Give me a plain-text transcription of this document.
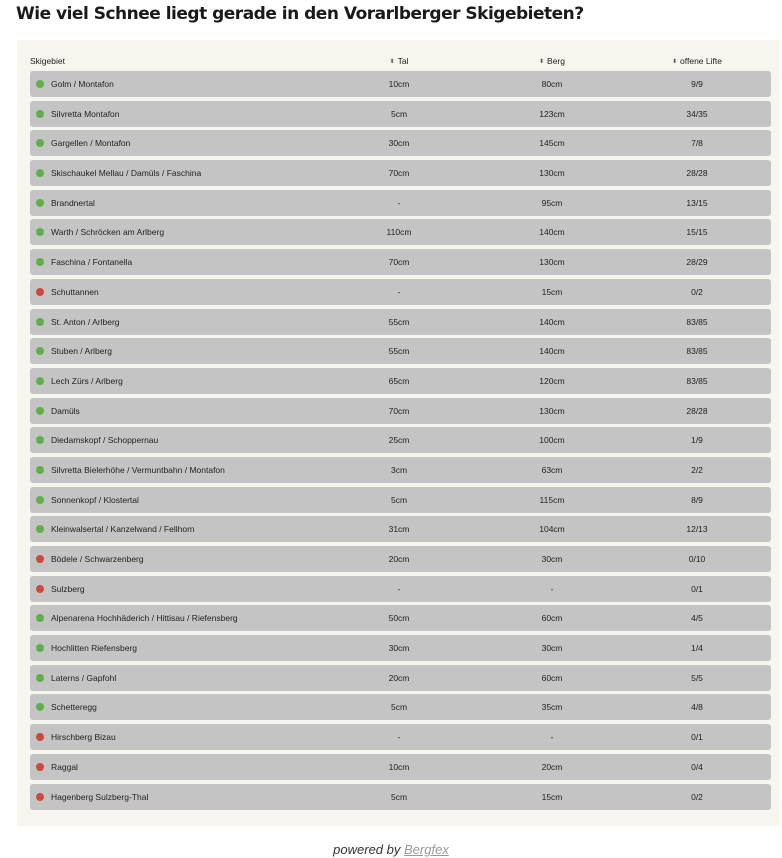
Wie viel Schnee liegt gerade in den Vorarlberger Skigebieten?
Skigebiet	⬍ Tal	⬍ Berg	⬍ offene Lifte
Golm / Montafon	10cm	80cm	9/9
Silvretta Montafon	5cm	123cm	34/35
Gargellen / Montafon	30cm	145cm	7/8
Skischaukel Mellau / Damüls / Faschina	70cm	130cm	28/28
Brandnertal	-	95cm	13/15
Warth / Schröcken am Arlberg	110cm	140cm	15/15
Faschina / Fontanella	70cm	130cm	28/29
Schuttannen	-	15cm	0/2
St. Anton / Arlberg	55cm	140cm	83/85
Stuben / Arlberg	55cm	140cm	83/85
Lech Zürs / Arlberg	65cm	120cm	83/85
Damüls	70cm	130cm	28/28
Diedamskopf / Schoppernau	25cm	100cm	1/9
Silvretta Bielerhöhe / Vermuntbahn / Montafon	3cm	63cm	2/2
Sonnenkopf / Klostertal	5cm	115cm	8/9
Kleinwalsertal / Kanzelwand / Fellhorn	31cm	104cm	12/13
Bödele / Schwarzenberg	20cm	30cm	0/10
Sulzberg	-	-	0/1
Alpenarena Hochhäderich / Hittisau / Riefensberg	50cm	60cm	4/5
Hochlitten Riefensberg	30cm	30cm	1/4
Laterns / Gapfohl	20cm	60cm	5/5
Schetteregg	5cm	35cm	4/8
Hirschberg Bizau	-	-	0/1
Raggal	10cm	20cm	0/4
Hagenberg Sulzberg-Thal	5cm	15cm	0/2
powered by Bergfex
